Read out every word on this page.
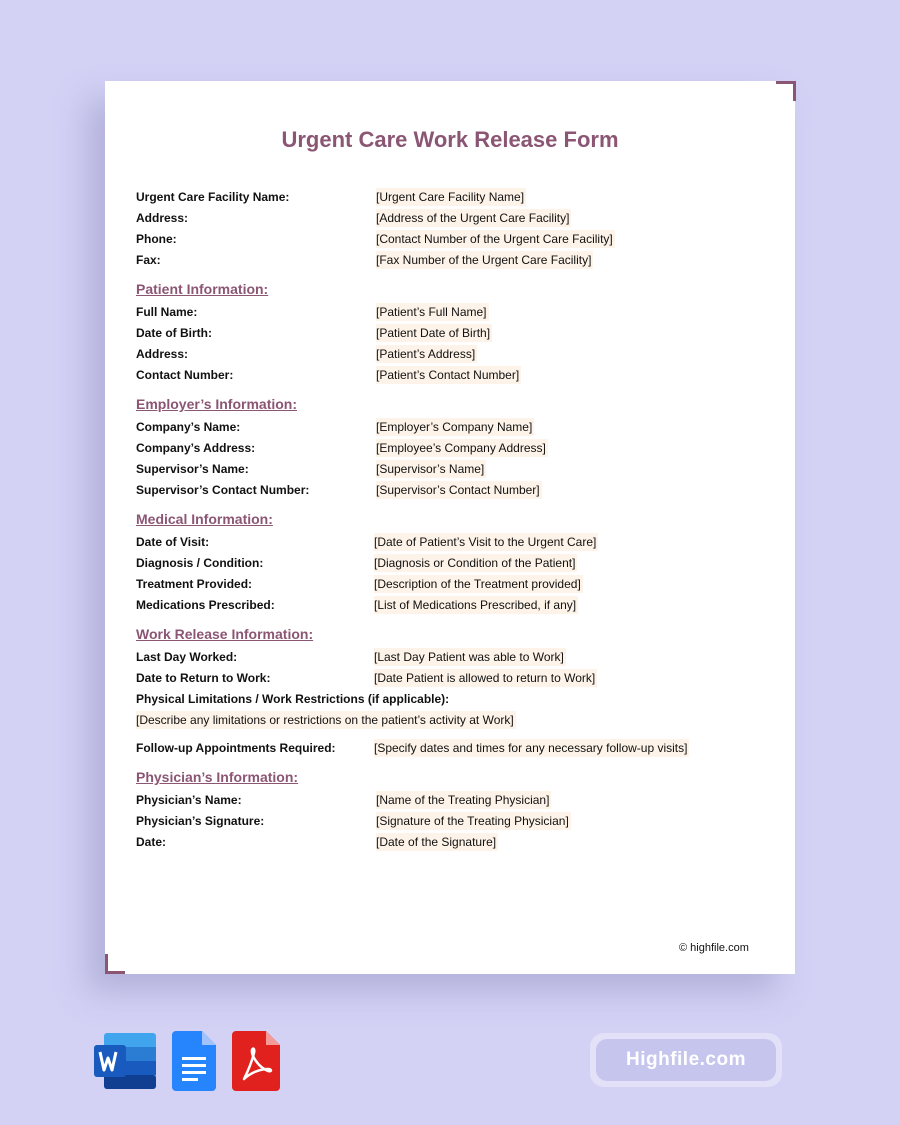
Urgent Care Work Release Form
Urgent Care Facility Name:	[Urgent Care Facility Name]
Address:	[Address of the Urgent Care Facility]
Phone:	[Contact Number of the Urgent Care Facility]
Fax:	[Fax Number of the Urgent Care Facility]
Patient Information:
Full Name:	[Patient’s Full Name]
Date of Birth:	[Patient Date of Birth]
Address:	[Patient’s Address]
Contact Number:	[Patient’s Contact Number]
Employer’s Information:
Company’s Name:	[Employer’s Company Name]
Company’s Address:	[Employee’s Company Address]
Supervisor’s Name:	[Supervisor’s Name]
Supervisor’s Contact Number:	[Supervisor’s Contact Number]
Medical Information:
Date of Visit:	[Date of Patient’s Visit to the Urgent Care]
Diagnosis / Condition:	[Diagnosis or Condition of the Patient]
Treatment Provided:	[Description of the Treatment provided]
Medications Prescribed:	[List of Medications Prescribed, if any]
Work Release Information:
Last Day Worked:	[Last Day Patient was able to Work]
Date to Return to Work:	[Date Patient is allowed to return to Work]
Physical Limitations / Work Restrictions (if applicable):
[Describe any limitations or restrictions on the patient’s activity at Work]
Follow-up Appointments Required:	[Specify dates and times for any necessary follow-up visits]
Physician’s Information:
Physician’s Name:	[Name of the Treating Physician]
Physician’s Signature:	[Signature of the Treating Physician]
Date:	[Date of the Signature]
© highfile.com
Highfile.com
